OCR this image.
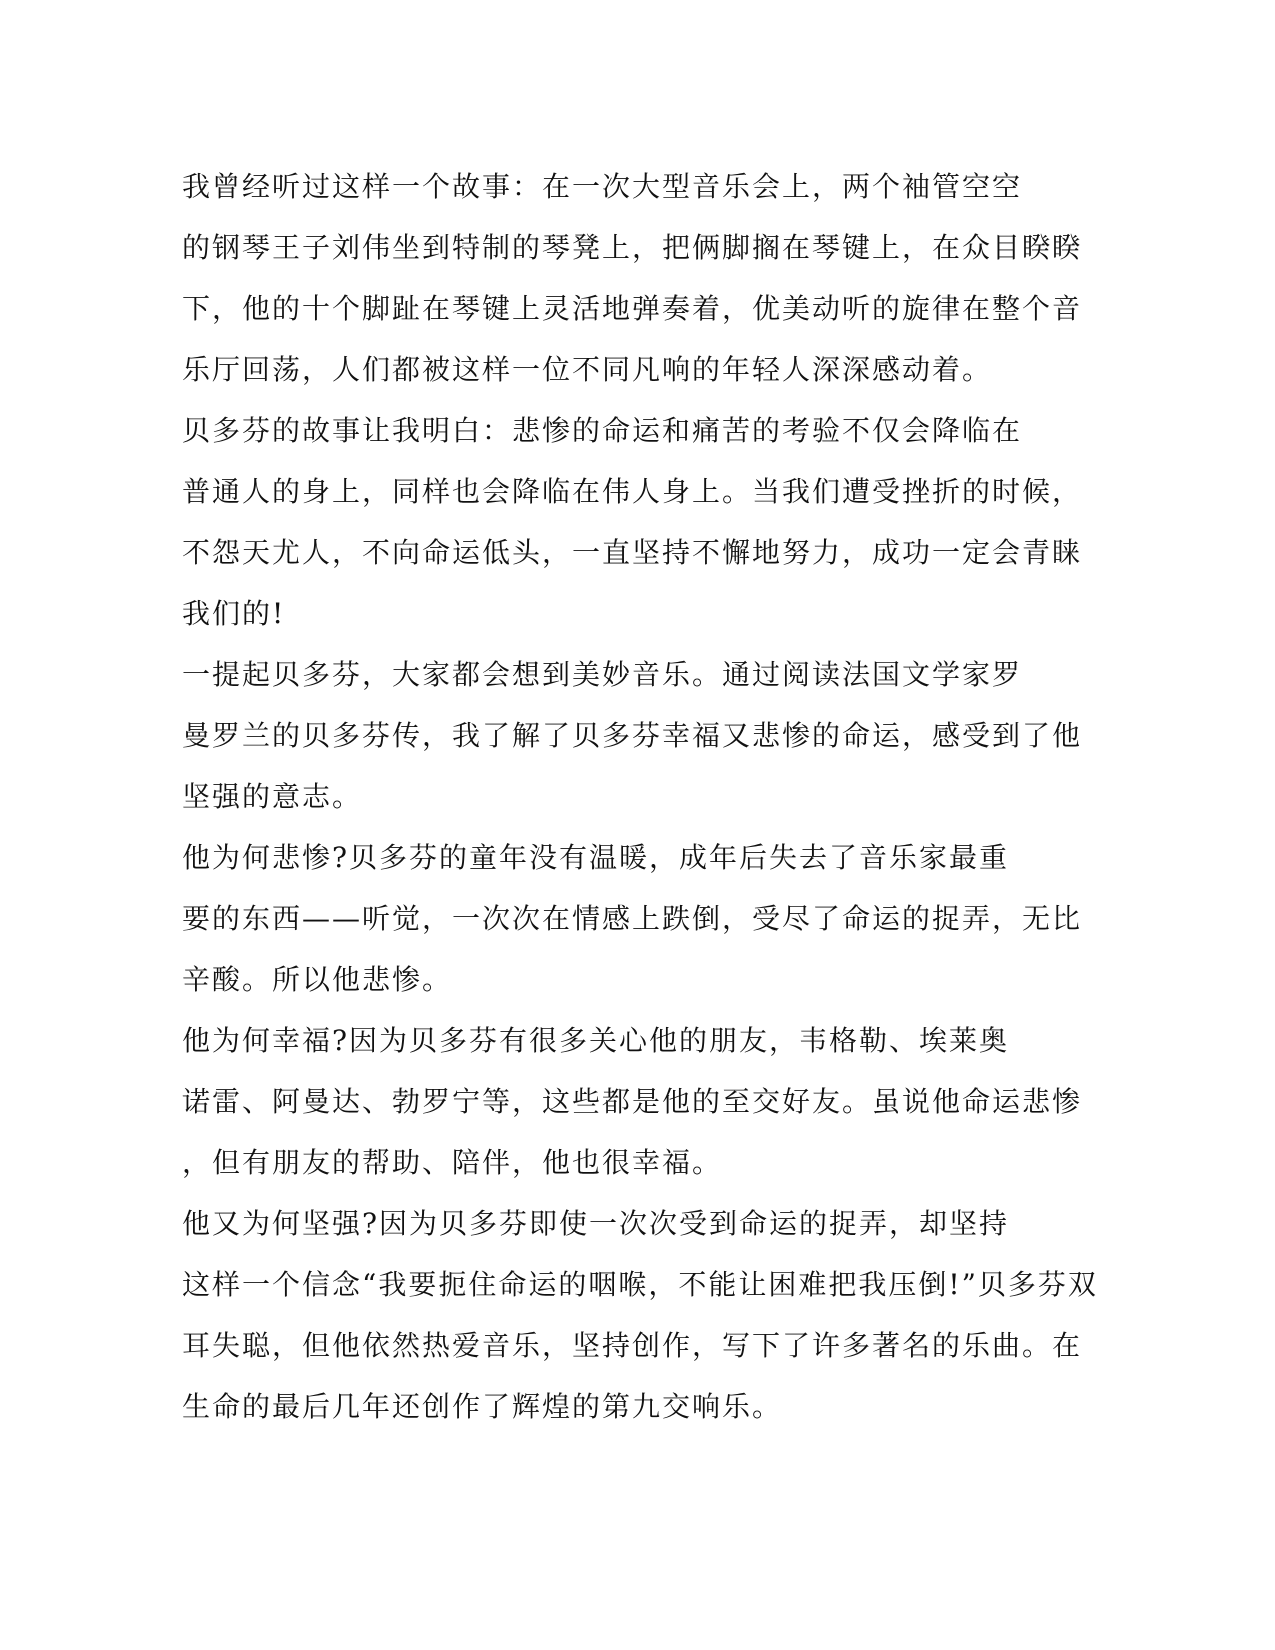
我曾经听过这样一个故事：在一次大型音乐会上，两个袖管空空
的钢琴王子刘伟坐到特制的琴凳上，把俩脚搁在琴键上，在众目睽睽
下，他的十个脚趾在琴键上灵活地弹奏着，优美动听的旋律在整个音
乐厅回荡，人们都被这样一位不同凡响的年轻人深深感动着。
贝多芬的故事让我明白：悲惨的命运和痛苦的考验不仅会降临在
普通人的身上，同样也会降临在伟人身上。当我们遭受挫折的时候，
不怨天尤人，不向命运低头，一直坚持不懈地努力，成功一定会青睐
我们的!
一提起贝多芬，大家都会想到美妙音乐。通过阅读法国文学家罗
曼罗兰的贝多芬传，我了解了贝多芬幸福又悲惨的命运，感受到了他
坚强的意志。
他为何悲惨?贝多芬的童年没有温暖，成年后失去了音乐家最重
要的东西——听觉，一次次在情感上跌倒，受尽了命运的捉弄，无比
辛酸。所以他悲惨。
他为何幸福?因为贝多芬有很多关心他的朋友，韦格勒、埃莱奥
诺雷、阿曼达、勃罗宁等，这些都是他的至交好友。虽说他命运悲惨
，但有朋友的帮助、陪伴，他也很幸福。
他又为何坚强?因为贝多芬即使一次次受到命运的捉弄，却坚持
这样一个信念“我要扼住命运的咽喉，不能让困难把我压倒!”贝多芬双
耳失聪，但他依然热爱音乐，坚持创作，写下了许多著名的乐曲。在
生命的最后几年还创作了辉煌的第九交响乐。
